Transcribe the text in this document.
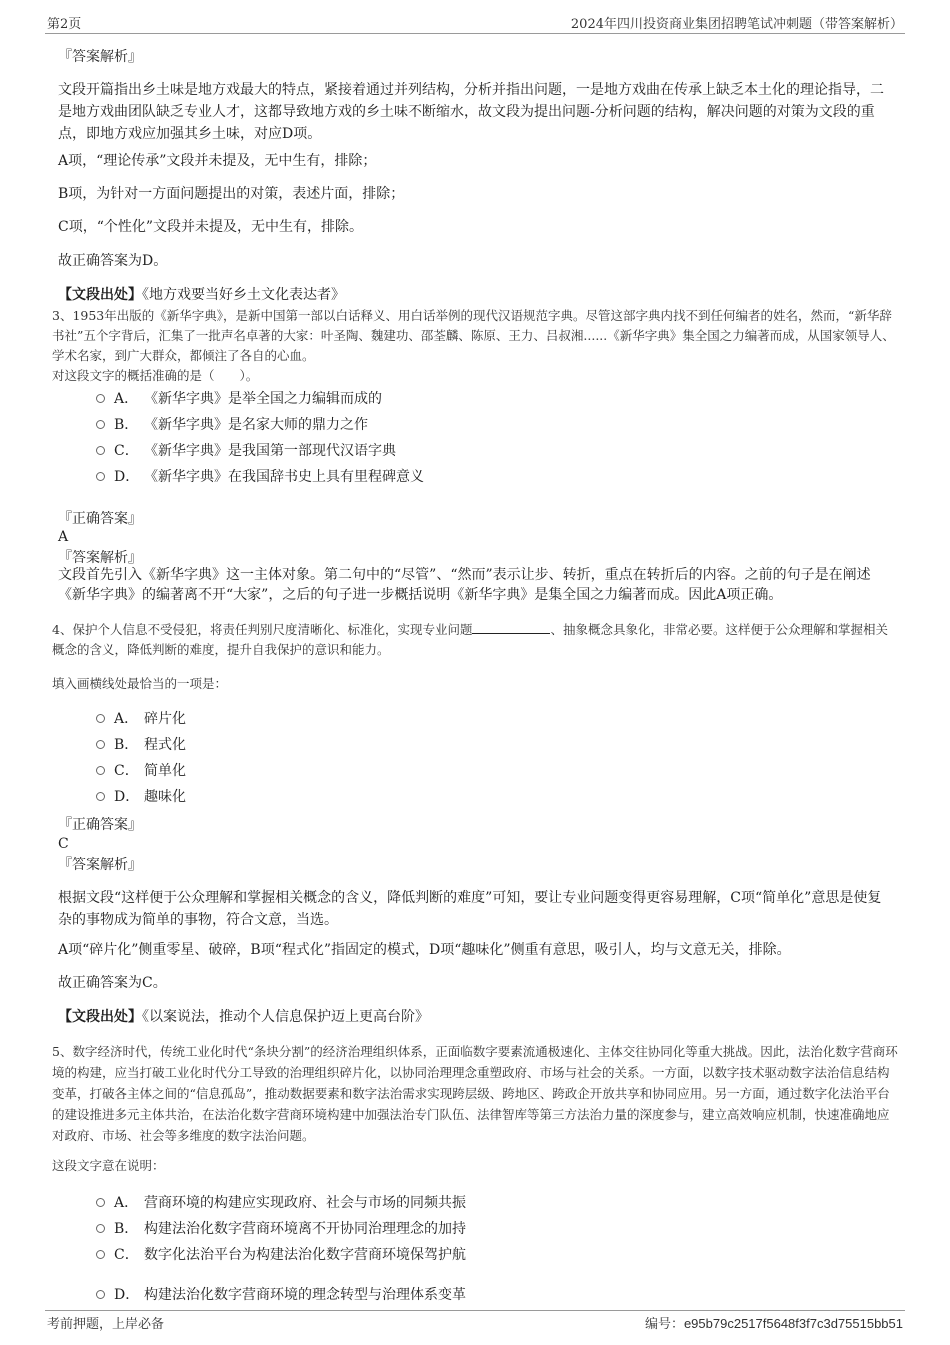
第2页	2024年四川投资商业集团招聘笔试冲刺题（带答案解析）
『答案解析』
文段开篇指出乡土味是地方戏最大的特点，紧接着通过并列结构，分析并指出问题，一是地方戏曲在传承上缺乏本土化的理论指导，二是地方戏曲团队缺乏专业人才，这都导致地方戏的乡土味不断缩水，故文段为提出问题-分析问题的结构，解决问题的对策为文段的重点，即地方戏应加强其乡土味，对应D项。
A项，“理论传承”文段并未提及，无中生有，排除；
B项，为针对一方面问题提出的对策，表述片面，排除；
C项，“个性化”文段并未提及，无中生有，排除。
故正确答案为D。
【文段出处】《地方戏要当好乡土文化表达者》
3、1953年出版的《新华字典》，是新中国第一部以白话释义、用白话举例的现代汉语规范字典。尽管这部字典内找不到任何编者的姓名，然而，“新华辞书社”五个字背后，汇集了一批声名卓著的大家：叶圣陶、魏建功、邵荃麟、陈原、王力、吕叔湘......《新华字典》集全国之力编著而成，从国家领导人、学术名家，到广大群众，都倾注了各自的心血。
对这段文字的概括准确的是（　　）。
A． 《新华字典》是举全国之力编辑而成的
B． 《新华字典》是名家大师的鼎力之作
C． 《新华字典》是我国第一部现代汉语字典
D． 《新华字典》在我国辞书史上具有里程碑意义
『正确答案』
A
『答案解析』
文段首先引入《新华字典》这一主体对象。第二句中的“尽管”、“然而”表示让步、转折，重点在转折后的内容。之前的句子是在阐述《新华字典》的编著离不开“大家”，之后的句子进一步概括说明《新华字典》是集全国之力编著而成。因此A项正确。
4、保护个人信息不受侵犯，将责任判别尺度清晰化、标准化，实现专业问题	、抽象概念具象化，非常必要。这样便于公众理解和掌握相关概念的含义，降低判断的难度，提升自我保护的意识和能力。
填入画横线处最恰当的一项是：
A． 碎片化
B． 程式化
C． 简单化
D． 趣味化
『正确答案』
C
『答案解析』
根据文段“这样便于公众理解和掌握相关概念的含义，降低判断的难度”可知，要让专业问题变得更容易理解，C项“简单化”意思是使复杂的事物成为简单的事物，符合文意，当选。
A项“碎片化”侧重零星、破碎，B项“程式化”指固定的模式，D项“趣味化”侧重有意思，吸引人，均与文意无关，排除。
故正确答案为C。
【文段出处】《以案说法，推动个人信息保护迈上更高台阶》
5、数字经济时代，传统工业化时代“条块分割”的经济治理组织体系，正面临数字要素流通极速化、主体交往协同化等重大挑战。因此，法治化数字营商环境的构建，应当打破工业化时代分工导致的治理组织碎片化，以协同治理理念重塑政府、市场与社会的关系。一方面，以数字技术驱动数字法治信息结构变革，打破各主体之间的“信息孤岛”，推动数据要素和数字法治需求实现跨层级、跨地区、跨政企开放共享和协同应用。另一方面，通过数字化法治平台的建设推进多元主体共治，在法治化数字营商环境构建中加强法治专门队伍、法律智库等第三方法治力量的深度参与，建立高效响应机制，快速准确地应对政府、市场、社会等多维度的数字法治问题。
这段文字意在说明：
A． 营商环境的构建应实现政府、社会与市场的同频共振
B． 构建法治化数字营商环境离不开协同治理理念的加持
C． 数字化法治平台为构建法治化数字营商环境保驾护航
D． 构建法治化数字营商环境的理念转型与治理体系变革
考前押题，上岸必备	编号：e95b79c2517f5648f3f7c3d75515bb51
